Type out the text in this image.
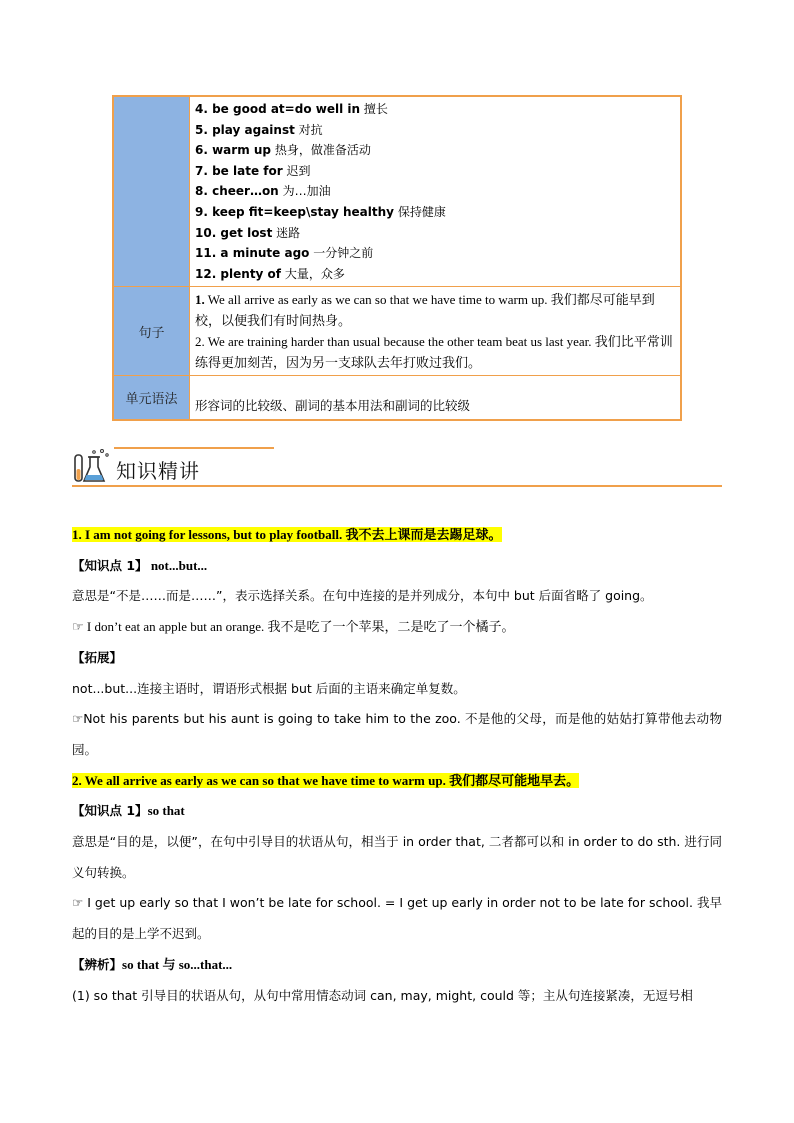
4. be good at=do well in 擅长
5. play against 对抗
6. warm up 热身，做准备活动
7. be late for 迟到
8. cheer…on 为…加油
9. keep fit=keep\stay healthy 保持健康
10. get lost 迷路
11. a minute ago 一分钟之前
12. plenty of 大量，众多
句子
1. We all arrive as early as we can so that we have time to warm up. 我们都尽可能早到校，以便我们有时间热身。
2. We are training harder than usual because the other team beat us last year. 我们比平常训练得更加刻苦，因为另一支球队去年打败过我们。
单元语法	形容词的比较级、副词的基本用法和副词的比较级
知识精讲

1. I am not going for lessons, but to play football. 我不去上课而是去踢足球。

【知识点 1】 not...but...

意思是“不是……而是……”，表示选择关系。在句中连接的是并列成分，本句中 but 后面省略了 going。

☞ I don’t eat an apple but an orange. 我不是吃了一个苹果，二是吃了一个橘子。

【拓展】

not...but...连接主语时，谓语形式根据 but 后面的主语来确定单复数。

☞Not his parents but his aunt is going to take him to the zoo. 不是他的父母，而是他的姑姑打算带他去动物园。

2. We all arrive as early as we can so that we have time to warm up. 我们都尽可能地早去。

【知识点 1】so that

意思是“目的是，以便”，在句中引导目的状语从句，相当于 in order that, 二者都可以和 in order to do sth. 进行同义句转换。

☞ I get up early so that I won’t be late for school. = I get up early in order not to be late for school. 我早起的目的是上学不迟到。

【辨析】so that 与 so...that...

(1) so that 引导目的状语从句，从句中常用情态动词 can, may, might, could 等；主从句连接紧凑，无逗号相
